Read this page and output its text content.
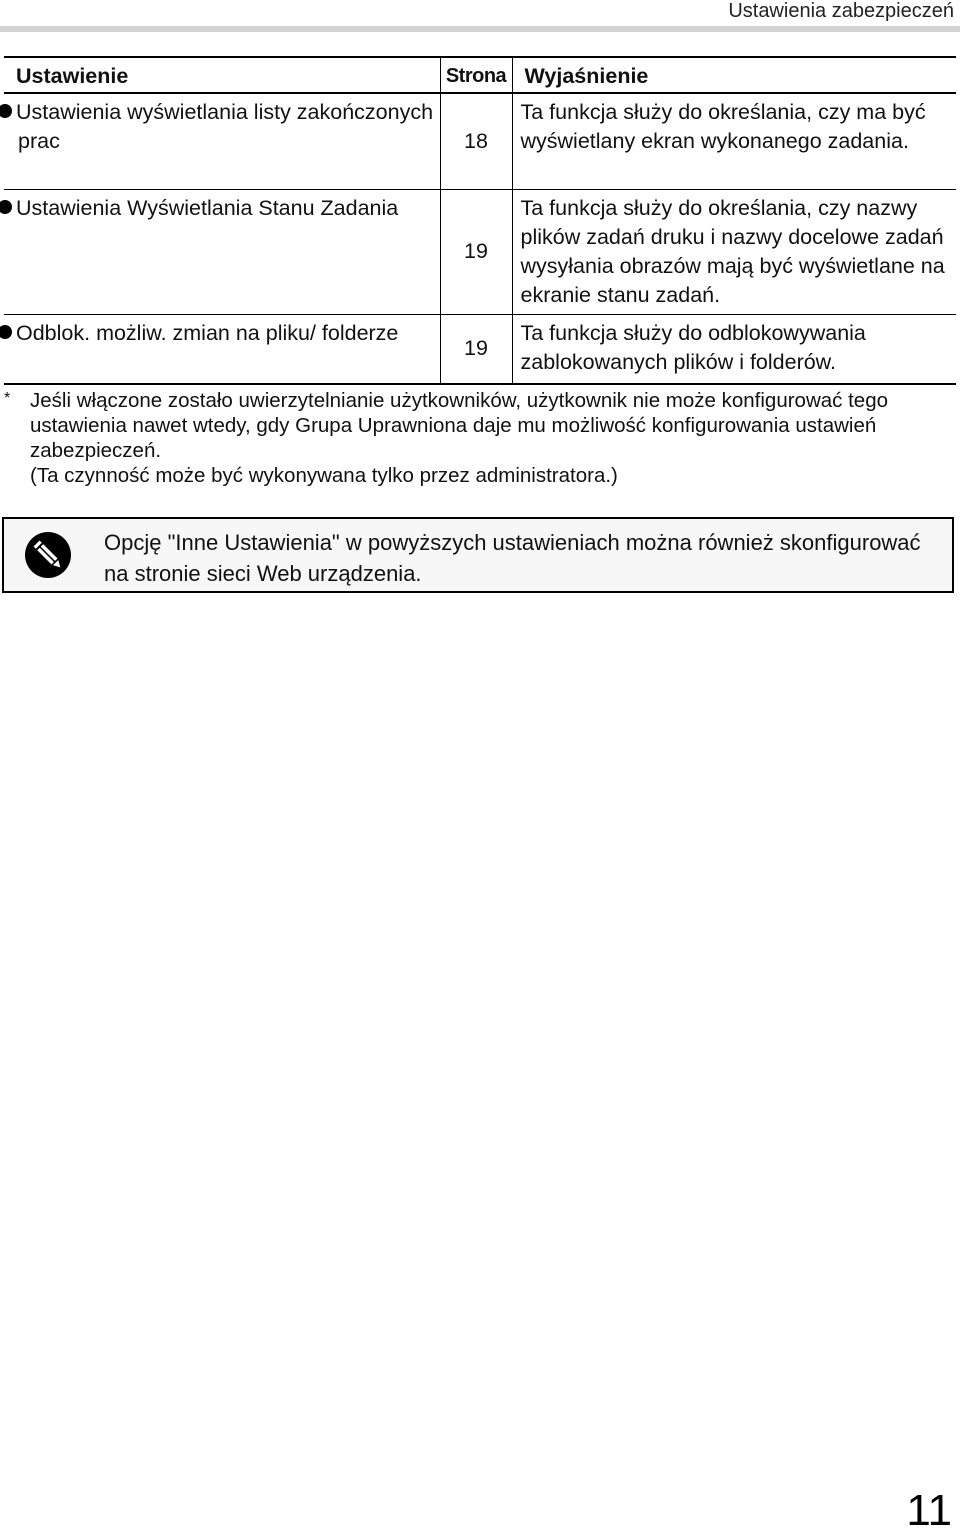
Ustawienia zabezpieczeń
Ustawienie	Strona	Wyjaśnienie
Ustawienia wyświetlania listy zakończonych prac	18	Ta funkcja służy do określania, czy ma być wyświetlany ekran wykonanego zadania.
Ustawienia Wyświetlania Stanu Zadania	19	Ta funkcja służy do określania, czy nazwy plików zadań druku i nazwy docelowe zadań wysyłania obrazów mają być wyświetlane na ekranie stanu zadań.
Odblok. możliw. zmian na pliku/ folderze	19	Ta funkcja służy do odblokowywania zablokowanych plików i folderów.
* Jeśli włączone zostało uwierzytelnianie użytkowników, użytkownik nie może konfigurować tego ustawienia nawet wtedy, gdy Grupa Uprawniona daje mu możliwość konfigurowania ustawień zabezpieczeń.
(Ta czynność może być wykonywana tylko przez administratora.)
Opcję "Inne Ustawienia" w powyższych ustawieniach można również skonfigurować na stronie sieci Web urządzenia.
11
